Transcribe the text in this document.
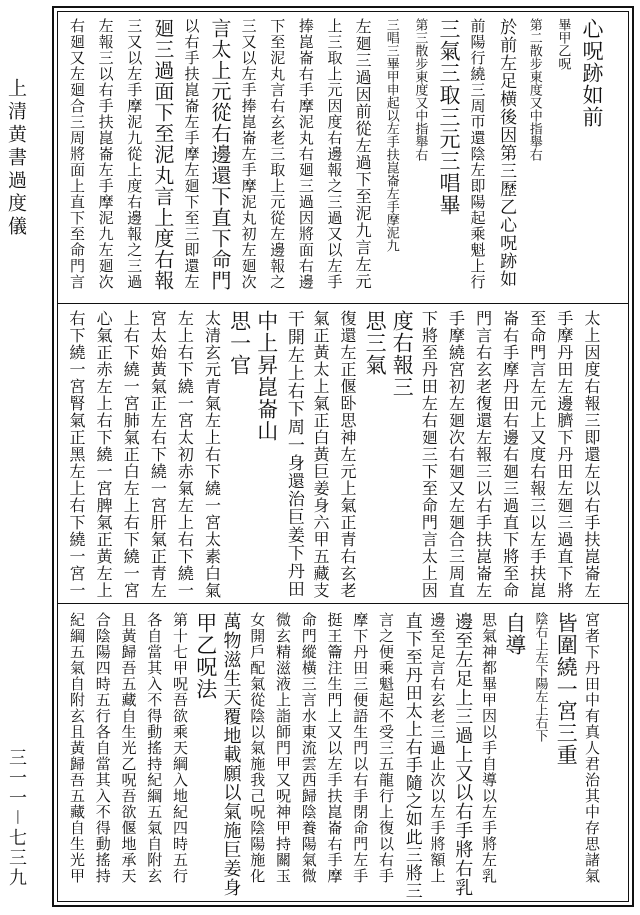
上清黄書過度儀
三一一－七三九
心呪跡如前
畢甲乙呪
第二散步東度又中指舉右
於前左足横後因第三歷乙心呪跡如
前陽行繞三周帀還陰左即陽起乘魁上行
三氣三取三元三唱畢
第三散步東度又中指舉右
三唱三畢甲申起以左手扶崑崙左手摩泥九
左廻三過因前從左過下至泥九言左元
上三取上元因度右邊報之三過又以左手
捧崑崙右手摩泥丸右廻三過因將面右邊
下至泥丸言右玄老三取上元從左邊報之
三又以左手捧崑崙左手摩泥丸初左廻次
言太上元從右邊還下直下命門
以右手扶崑崙左手摩左廻下至三即還左
廻三過面下至泥丸言上度右報
三又以左手摩泥九從上度右邊報之三過
左報三以右手扶崑崙左手摩泥九左廻次
右廻又左廻合三周將面上直下至命門言
太上因度右報三即還左以右手扶崑崙左
手摩丹田左邊臍下丹田左廻三過直下將
至命門言左元上又度右報三以左手扶崑
崙右手摩丹田右邊右廻三過直下將至命
門言右玄老復還左報三以右手扶崑崙左
手摩繞宮初左廻次右廻又左廻合三周直
下將至丹田左右廻三下至命門言太上因
度右報三
思三氣
復還左正偃卧思神左元上氣正青右玄老
氣正黃太上氣正白黃巨姜身六甲五藏支
干開左上右下周一身還治巨姜下丹田
中上昇崑崙山
思一官
太清玄元青氣左上右下繞一宮太素白氣
左上右下繞一宮太初赤氣左上右下繞一
宮太始黃氣正左右下繞一宮肝氣正青左
上右下繞一宮肺氣正白左上右下繞一宮
心氣正赤左上右下繞一宮脾氣正黃左上
右下繞一宮腎氣正黑左上右下繞一宮一
宮者下丹田中有真人君治其中存思諸氣
皆圍繞一宮三重
陰右上左下陽左上右下
自導
思氣神都畢甲因以手自導以左手將左乳
邊至左足上三過上又以右手將右乳
邊至足言右玄老三過止次以左手將額上
直下至丹田太上右手隨之如此三將三
言之便乘魁起不受三五龍行上復以右手
摩下丹田三便語生門以右手閉命門左手
挺王籥注生門上又以左手扶崑崙右手摩
命門縱橫三言水東流雲西歸陰養陽氣微
微玄精滋液上詣師門甲又呪神甲持關玉
女開戶配氣從陰以氣施我己呪陰陽施化
萬物滋生天覆地載願以氣施巨姜身
甲乙呪法
第十七甲呪吾欲乘天綱入地紀四時五行
各自當其入不得動搖持紀綱五氣自附玄
且黃歸吾五藏自生光乙呪吾欲偃地承天
合陰陽四時五行各自當其入不得動搖持
紀綱五氣自附玄且黃歸吾五藏自生光甲
